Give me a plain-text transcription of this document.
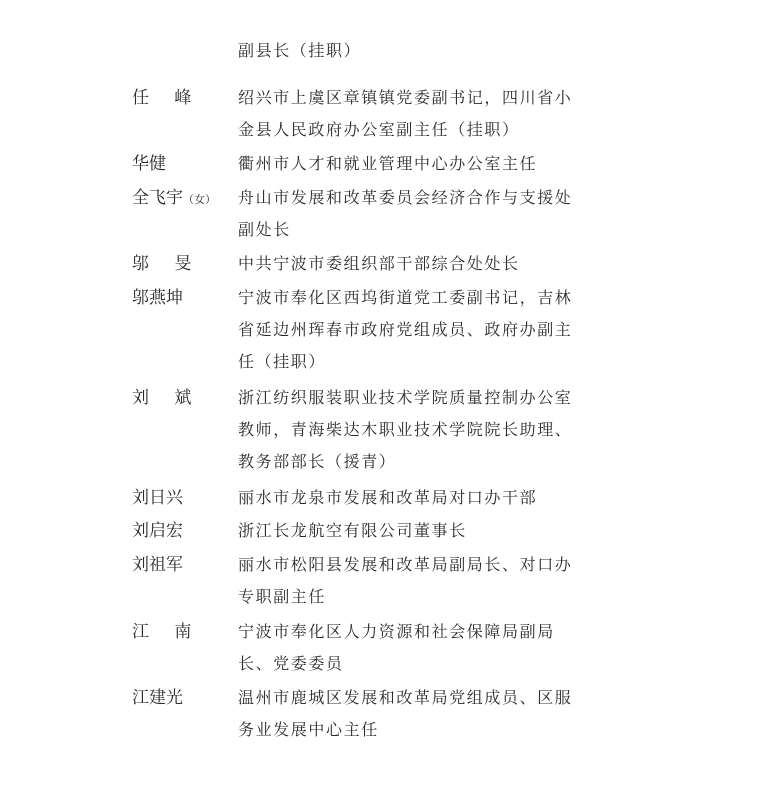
副县长（挂职）
任 峰	绍兴市上虞区章镇镇党委副书记，四川省小
金县人民政府办公室副主任（挂职）
华健	衢州市人才和就业管理中心办公室主任
全飞宇（女）	舟山市发展和改革委员会经济合作与支援处
副处长
邬 旻	中共宁波市委组织部干部综合处处长
邬燕坤	宁波市奉化区西坞街道党工委副书记，吉林
省延边州珲春市政府党组成员、政府办副主
任（挂职）
刘 斌	浙江纺织服装职业技术学院质量控制办公室
教师，青海柴达木职业技术学院院长助理、
教务部部长（援青）
刘日兴	丽水市龙泉市发展和改革局对口办干部
刘启宏	浙江长龙航空有限公司董事长
刘祖军	丽水市松阳县发展和改革局副局长、对口办
专职副主任
江 南	宁波市奉化区人力资源和社会保障局副局
长、党委委员
江建光	温州市鹿城区发展和改革局党组成员、区服
务业发展中心主任
